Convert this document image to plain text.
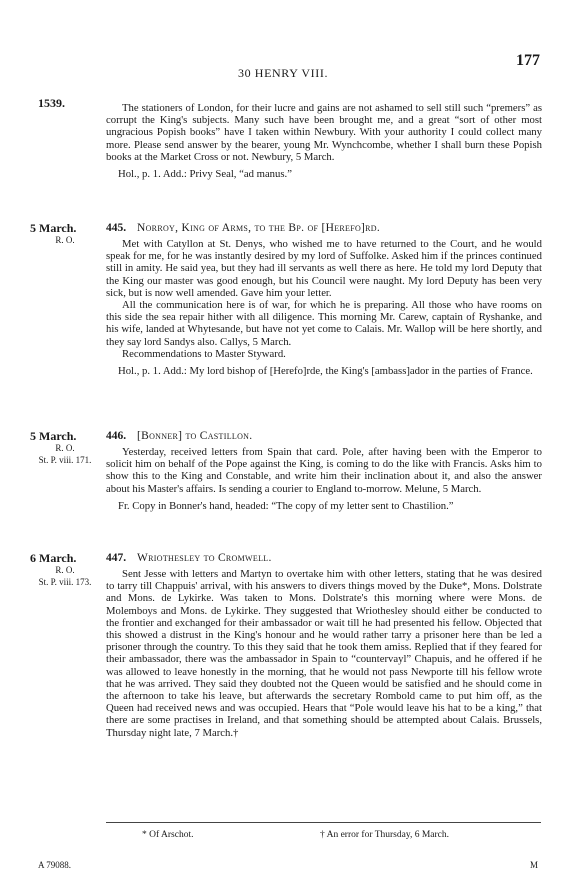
30 HENRY VIII.
177
1539.	The stationers of London, for their lucre and gains are not ashamed to sell still such “premers” as corrupt the King's subjects. Many such have been brought me, and a great “sort of other most ungracious Popish books” have I taken within Newbury. With your authority I could collect many more. Please send answer by the bearer, young Mr. Wynchcombe, whether I shall burn these Popish books at the Market Cross or not. Newbury, 5 March.

Hol., p. 1. Add.: Privy Seal, “ad manus.”

5 March.
R. O.
445. Norroy, King of Arms, to the Bp. of [Herefo]rd.

Met with Catyllon at St. Denys, who wished me to have returned to the Court, and he would speak for me, for he was instantly desired by my lord of Suffolke. Asked him if the princes continued still in amity. He said yea, but they had ill servants as well there as here. He told my lord Deputy that the King our master was good enough, but his Council were naught. My lord Deputy has been very sick, but is now well amended. Gave him your letter.

All the communication here is of war, for which he is preparing. All those who have rooms on this side the sea repair hither with all diligence. This morning Mr. Carew, captain of Ryshanke, and his wife, landed at Whytesande, but have not yet come to Calais. Mr. Wallop will be here shortly, and they say lord Sandys also. Callys, 5 March.

Recommendations to Master Styward.

Hol., p. 1. Add.: My lord bishop of [Herefo]rde, the King's [ambass]ador in the parties of France.

5 March.
R. O.
St. P. viii. 171.
446. [Bonner] to Castillon.

Yesterday, received letters from Spain that card. Pole, after having been with the Emperor to solicit him on behalf of the Pope against the King, is coming to do the like with Francis. Asks him to show this to the King and Constable, and write him their inclination about it, and also the answer about his Master's affairs. Is sending a courier to England to-morrow. Melune, 5 March.

Fr. Copy in Bonner's hand, headed: “The copy of my letter sent to Chastilion.”

6 March.
R. O.
St. P. viii. 173.
447. Wriothesley to Cromwell.

Sent Jesse with letters and Martyn to overtake him with other letters, stating that he was desired to tarry till Chappuis' arrival, with his answers to divers things moved by the Duke*, Mons. Dolstrate and Mons. de Lykirke. Was taken to Mons. Dolstrate's this morning where were Mons. de Molemboys and Mons. de Lykirke. They suggested that Wriothesley should either be conducted to the frontier and exchanged for their ambassador or wait till he had presented his fellow. Objected that this showed a distrust in the King's honour and he would rather tarry a prisoner here than be led a prisoner through the country. To this they said that he took them amiss. Replied that if they feared for their ambassador, there was the ambassador in Spain to “countervayl” Chapuis, and he offered if he was allowed to leave honestly in the morning, that he would not pass Newporte till his fellow wrote that he was arrived. They said they doubted not the Queen would be satisfied and he should come in the afternoon to take his leave, but afterwards the secretary Rombold came to put him off, as the Queen had received news and was occupied. Hears that “Pole would leave his hat to be a king,” that there are some practises in Ireland, and that something should be attempted about Calais. Brussels, Thursday night late, 7 March.†

* Of Arschot.	† An error for Thursday, 6 March.
A 79088.	M
